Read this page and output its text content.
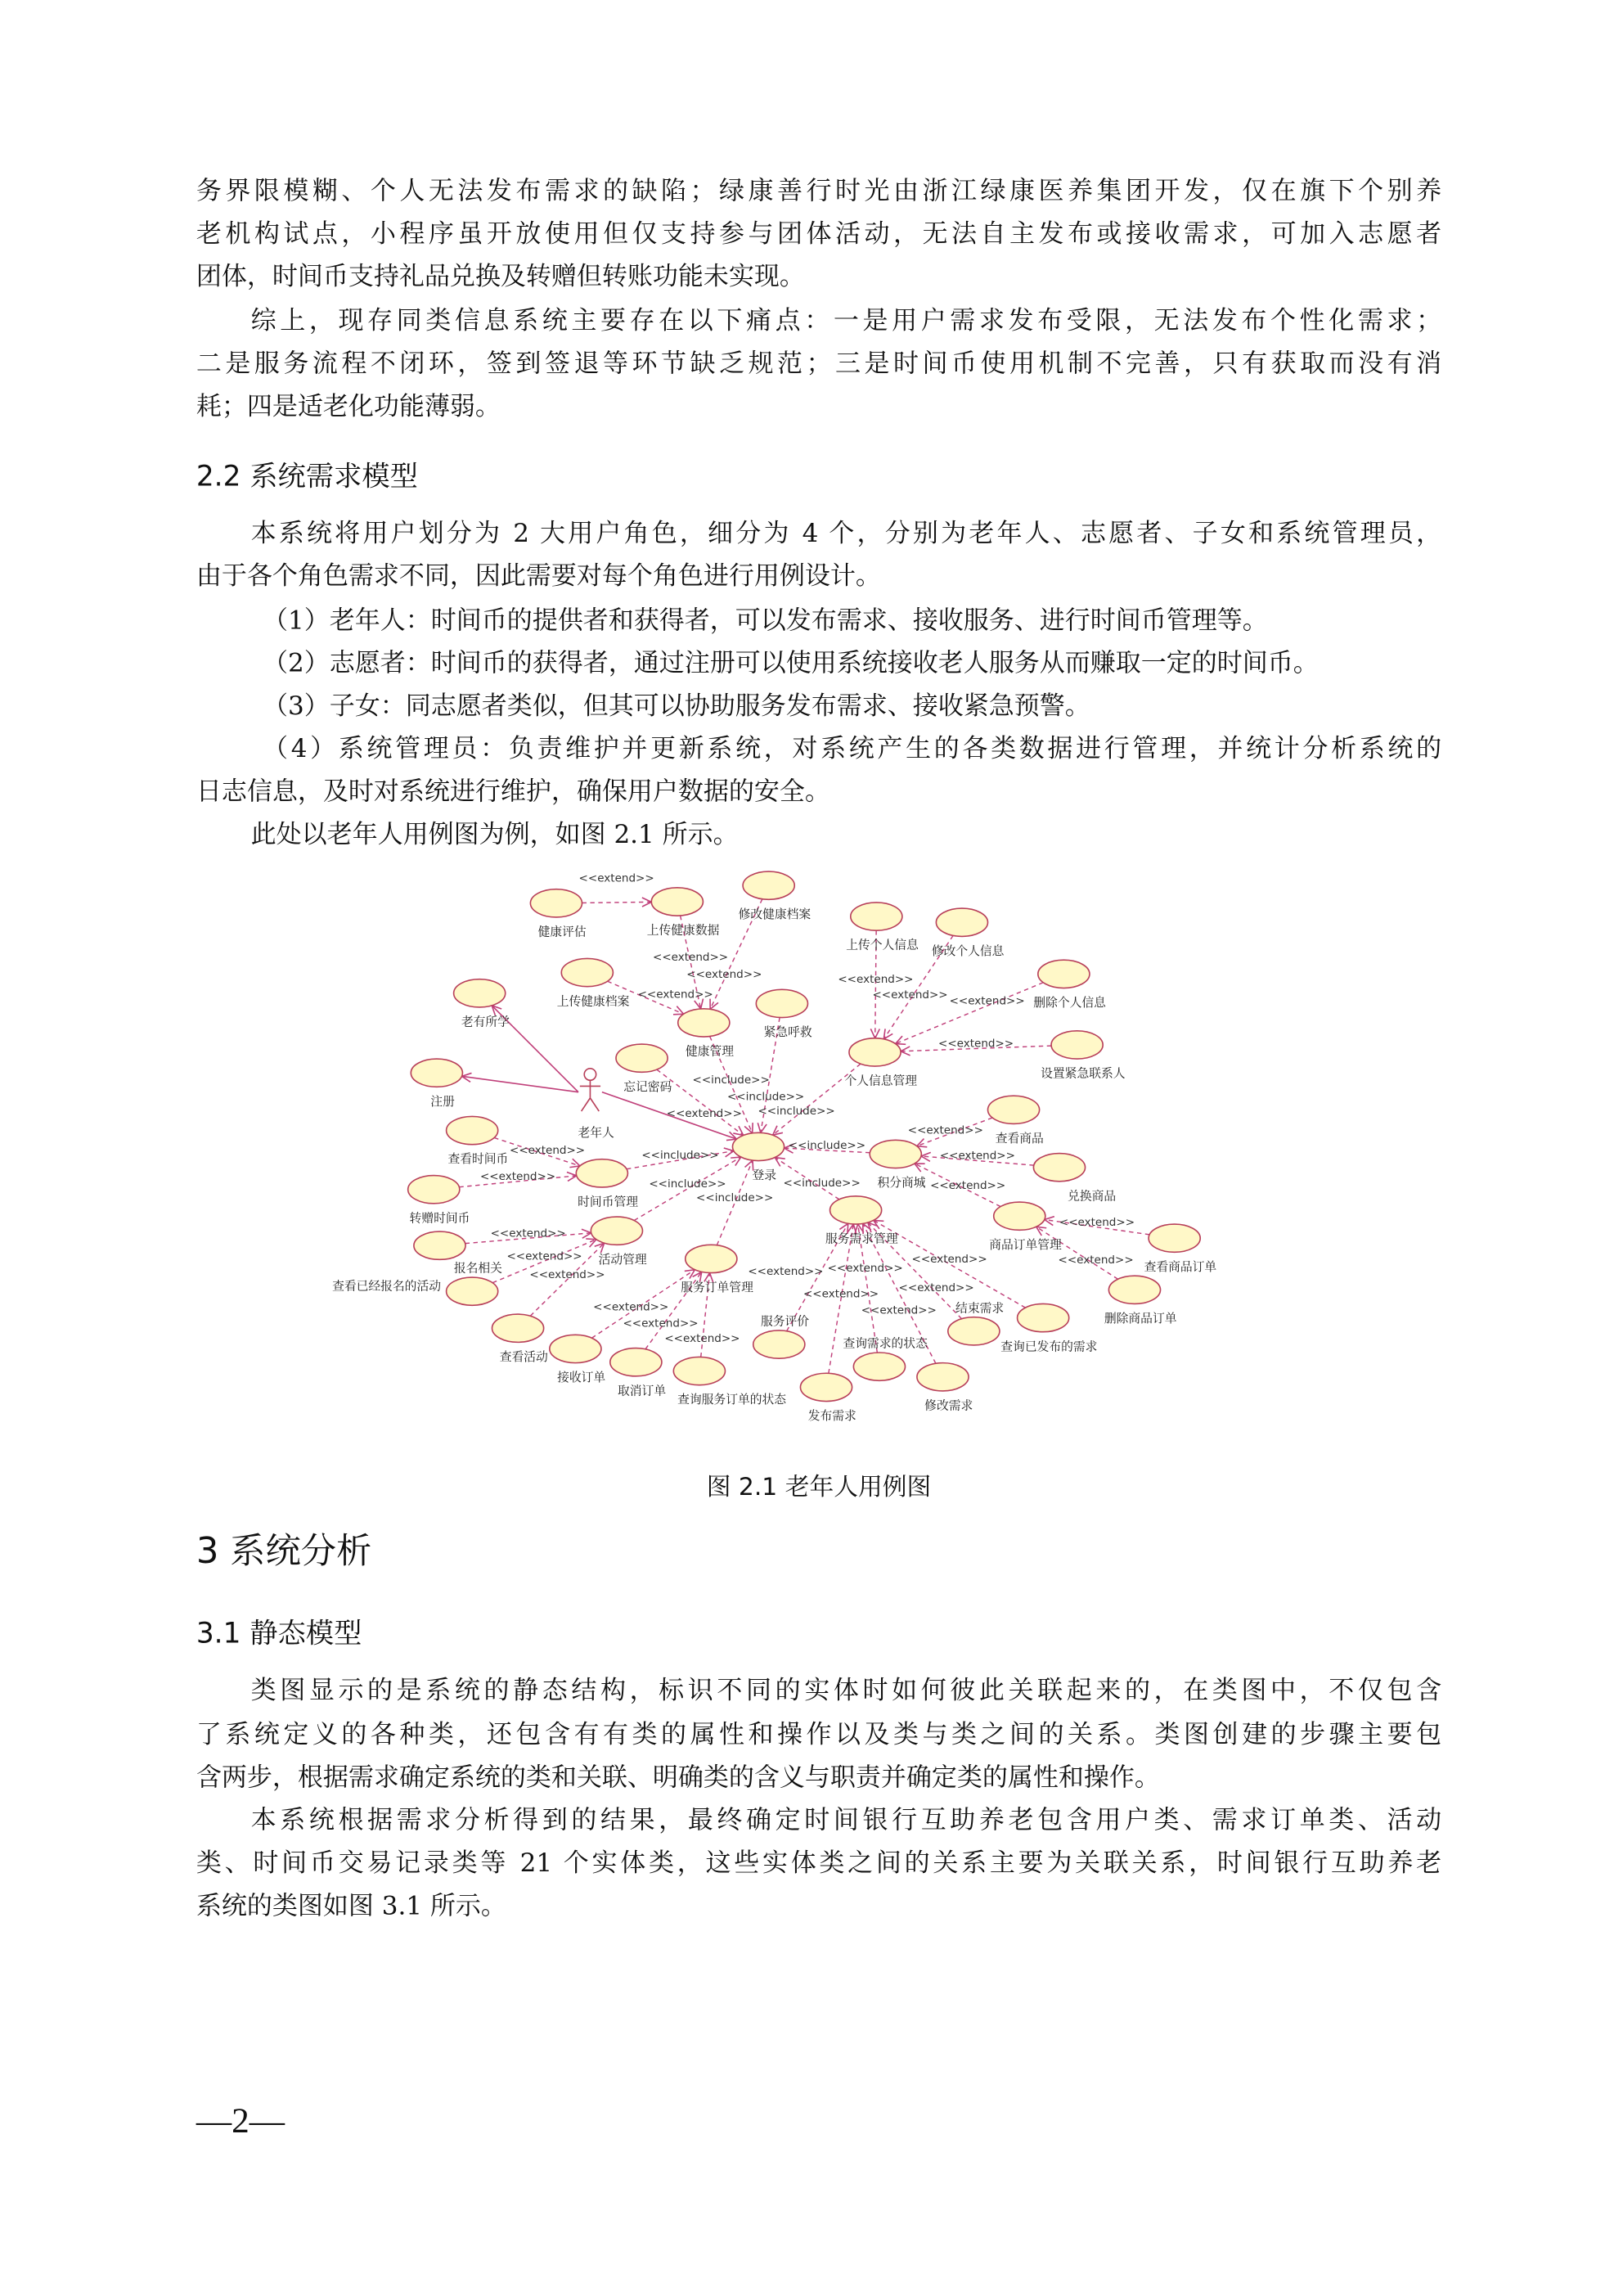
务界限模糊、个人无法发布需求的缺陷；绿康善行时光由浙江绿康医养集团开发，仅在旗下个别养
老机构试点，小程序虽开放使用但仅支持参与团体活动，无法自主发布或接收需求，可加入志愿者
团体，时间币支持礼品兑换及转赠但转账功能未实现。
综上，现存同类信息系统主要存在以下痛点：一是用户需求发布受限，无法发布个性化需求；
二是服务流程不闭环，签到签退等环节缺乏规范；三是时间币使用机制不完善，只有获取而没有消
耗；四是适老化功能薄弱。
2.2 系统需求模型
本系统将用户划分为 2 大用户角色，细分为 4 个，分别为老年人、志愿者、子女和系统管理员，
由于各个角色需求不同，因此需要对每个角色进行用例设计。
（1）老年人：时间币的提供者和获得者，可以发布需求、接收服务、进行时间币管理等。
（2）志愿者：时间币的获得者，通过注册可以使用系统接收老人服务从而赚取一定的时间币。
（3）子女：同志愿者类似，但其可以协助服务发布需求、接收紧急预警。
（4）系统管理员：负责维护并更新系统，对系统产生的各类数据进行管理，并统计分析系统的
日志信息，及时对系统进行维护，确保用户数据的安全。
此处以老年人用例图为例，如图 2.1 所示。
老年人
健康评估	上传健康数据
修改健康档案
上传健康档案
老有所学
健康管理
紧急呼救
忘记密码
注册
登录
上传个人信息 修改个人信息
删除个人信息
设置紧急联系人
个人信息管理
查看商品
积分商城
兑换商品
商品订单管理
查看商品订单
删除商品订单
服务需求管理
查询已发布的需求
结束需求
修改需求
查询需求的状态
发布需求
服务评价
时间币管理
查看时间币
转赠时间币
活动管理
查看已经报名的活动
报名相关
查看活动
服务订单管理
接收订单
取消订单
查询服务订单的状态
<<extend>>
<<extend>>
<<extend>>
<<extend>>
<<include>>
<<include>>
<<include>>
<<extend>>
<<extend>>
<<extend>> <<extend>>
<<extend>>
<<include>>
<<extend>>
<<extend>>
<<extend>>
<<extend>>
<<extend>>
<<include>>
<<extend>>
<<extend>>
<<extend>>
<<extend>>
<<extend>>
<<extend>>
<<include>>
<<extend>>
<<extend>>
<<include>>
<<include>>
<<extend>>
<<extend>>
<<extend>>
<<extend>>
<<extend>>
<<extend>>
图 2.1 老年人用例图
3 系统分析
3.1 静态模型
类图显示的是系统的静态结构，标识不同的实体时如何彼此关联起来的，在类图中，不仅包含
了系统定义的各种类，还包含有有类的属性和操作以及类与类之间的关系。类图创建的步骤主要包
含两步，根据需求确定系统的类和关联、明确类的含义与职责并确定类的属性和操作。
本系统根据需求分析得到的结果，最终确定时间银行互助养老包含用户类、需求订单类、活动
类、时间币交易记录类等 21 个实体类，这些实体类之间的关系主要为关联关系，时间银行互助养老
系统的类图如图 3.1 所示。
—2—
